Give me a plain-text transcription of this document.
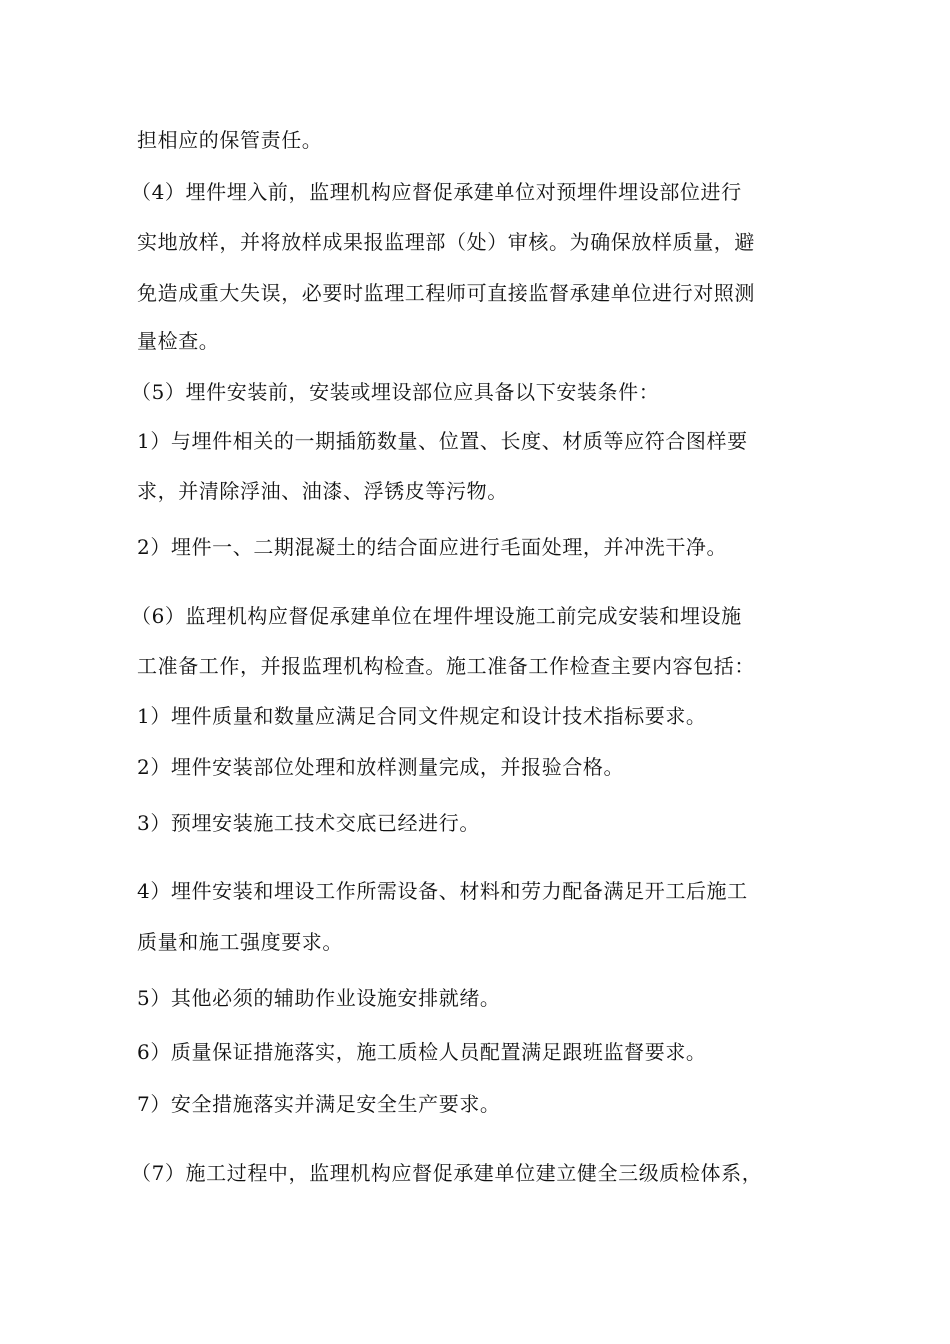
担相应的保管责任。
（4）埋件埋入前，监理机构应督促承建单位对预埋件埋设部位进行
实地放样，并将放样成果报监理部（处）审核。为确保放样质量，避
免造成重大失误，必要时监理工程师可直接监督承建单位进行对照测
量检查。
（5）埋件安装前，安装或埋设部位应具备以下安装条件：
1）与埋件相关的一期插筋数量、位置、长度、材质等应符合图样要
求，并清除浮油、油漆、浮锈皮等污物。
2）埋件一、二期混凝土的结合面应进行毛面处理，并冲洗干净。
（6）监理机构应督促承建单位在埋件埋设施工前完成安装和埋设施
工准备工作，并报监理机构检查。施工准备工作检查主要内容包括：
1）埋件质量和数量应满足合同文件规定和设计技术指标要求。
2）埋件安装部位处理和放样测量完成，并报验合格。
3）预埋安装施工技术交底已经进行。
4）埋件安装和埋设工作所需设备、材料和劳力配备满足开工后施工
质量和施工强度要求。
5）其他必须的辅助作业设施安排就绪。
6）质量保证措施落实，施工质检人员配置满足跟班监督要求。
7）安全措施落实并满足安全生产要求。
（7）施工过程中，监理机构应督促承建单位建立健全三级质检体系，
